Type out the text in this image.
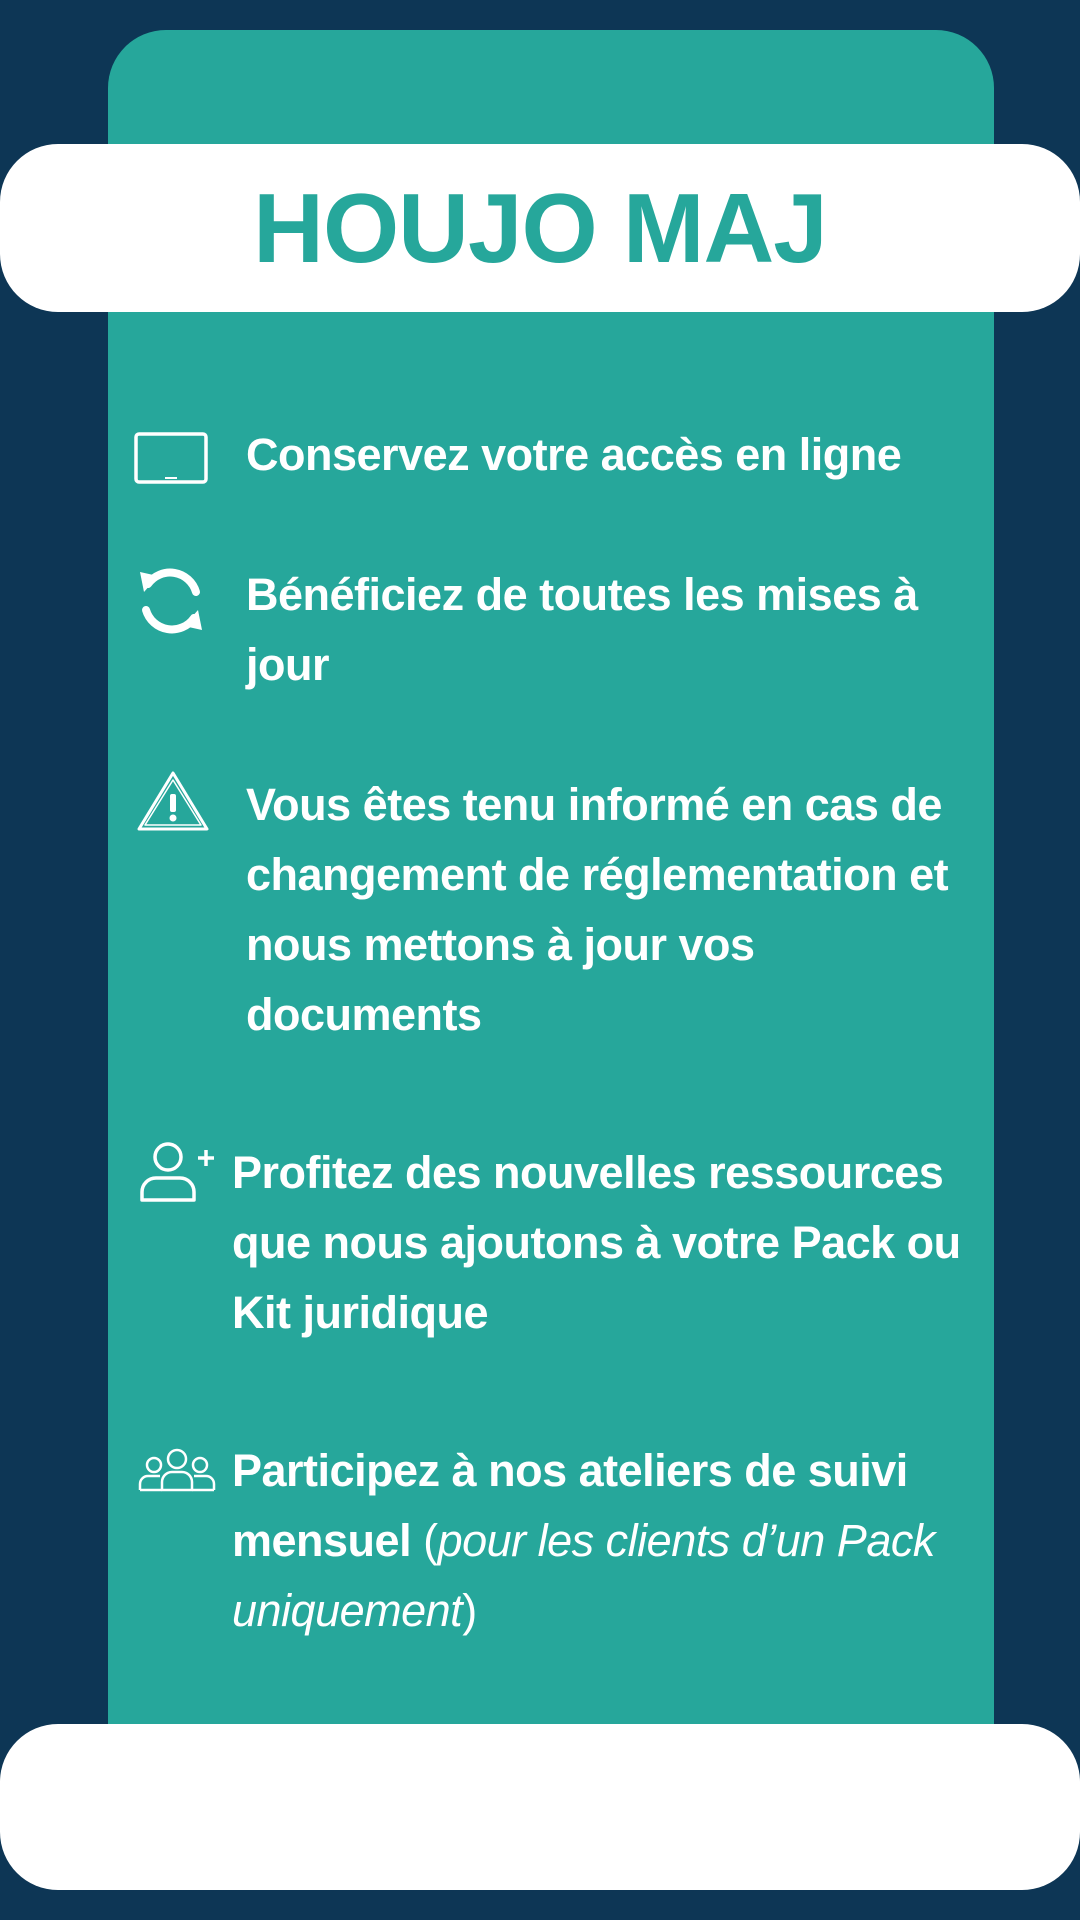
HOUJO MAJ

Conservez votre accès en ligne

Bénéficiez de toutes les mises à jour

Vous êtes tenu informé en cas de changement de réglementation et nous mettons à jour vos documents

Profitez des nouvelles ressources que nous ajoutons à votre Pack ou Kit juridique

Participez à nos ateliers de suivi mensuel (pour les clients d’un Pack uniquement)
